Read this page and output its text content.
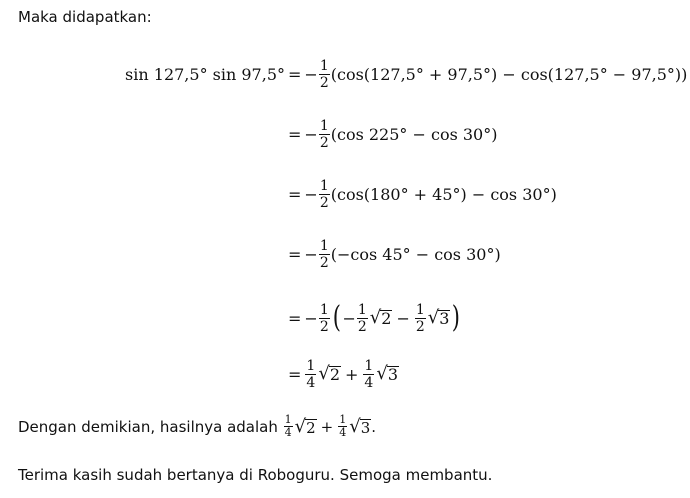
Maka didapatkan:
sin 127,5° sin 97,5° = − $\frac{1}{2} (\cos(127,5^\circ + 97,5^\circ) - \cos(127,5^\circ - 97,5^\circ))$
= − $\frac{1}{2} (\cos$ 225° − cos 30°)
= − $\frac{1}{2} (\cos(180^\circ + 45^\circ) - \cos 30^\circ)$
= − $\frac{1}{2} (-\cos$ 45° − cos 30°)
= − $\frac{1}{2}$ ( − $\frac{1}{2}$ √ $2 - \frac{1}{2}$ √ 3 )
= $\frac{1}{4}$ √ $2 + \frac{1}{4}$ √ 3
Dengan demikian, hasilnya adalah $\frac{1}{4}$ √ $2 + \frac{1}{4}$ √ 3 .
Terima kasih sudah bertanya di Roboguru. Semoga membantu.
